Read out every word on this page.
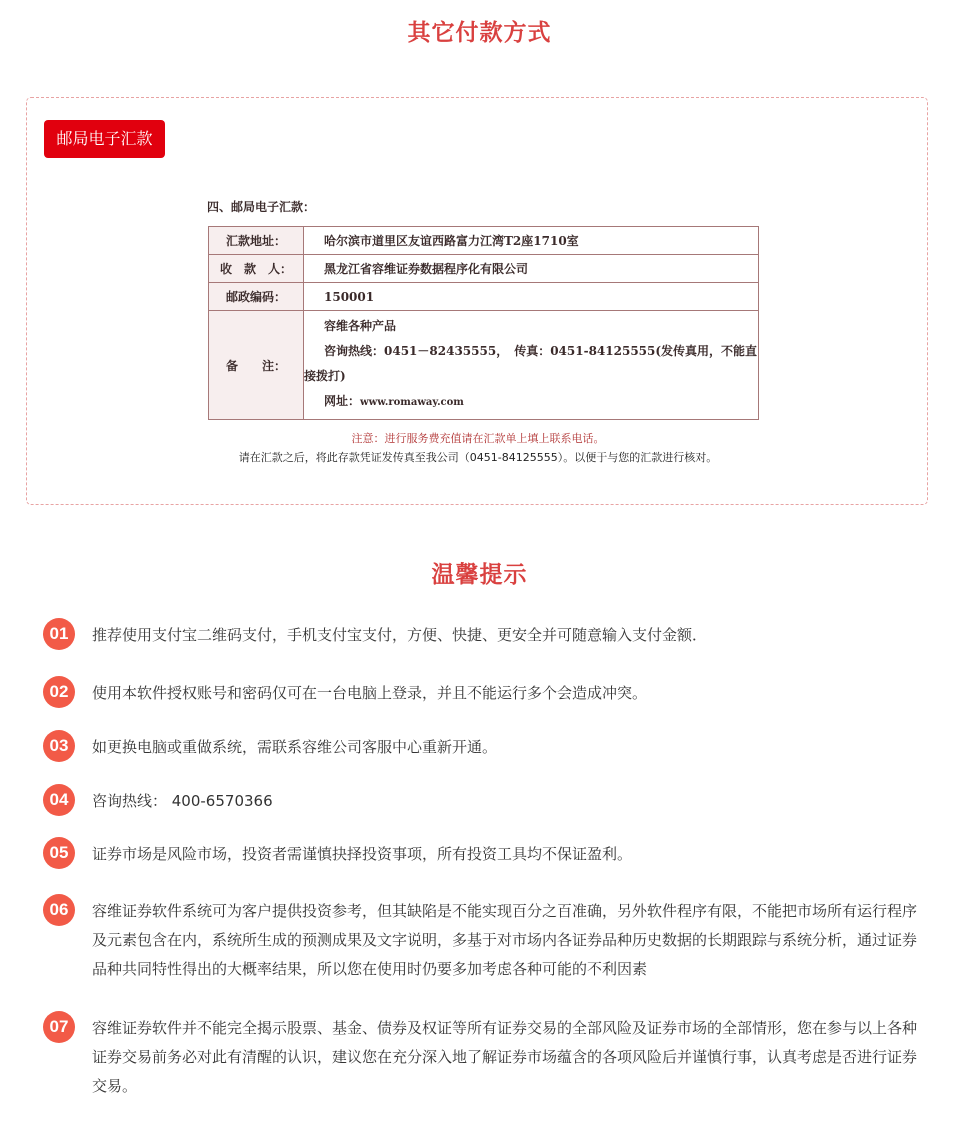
其它付款方式
邮局电子汇款
四、邮局电子汇款：
汇款地址：	哈尔滨市道里区友谊西路富力江湾T2座1710室
收　款　人：	黑龙江省容维证券数据程序化有限公司
邮政编码：	150001
备　　注：	容维各种产品
咨询热线：0451－82435555，　传真：0451-84125555(发传真用，不能直
接拨打)
网址：www.romaway.com
注意：进行服务费充值请在汇款单上填上联系电话。
请在汇款之后，将此存款凭证发传真至我公司（0451-84125555）。以便于与您的汇款进行核对。
温馨提示
01	推荐使用支付宝二维码支付，手机支付宝支付，方便、快捷、更安全并可随意输入支付金额．
02	使用本软件授权账号和密码仅可在一台电脑上登录，并且不能运行多个会造成冲突。
03	如更换电脑或重做系统，需联系容维公司客服中心重新开通。
04	咨询热线： 400-6570366
05	证券市场是风险市场，投资者需谨慎抉择投资事项，所有投资工具均不保证盈利。
06	容维证券软件系统可为客户提供投资参考，但其缺陷是不能实现百分之百准确，另外软件程序有限，不能把市场所有运行程序及元素包含在内，系统所生成的预测成果及文字说明，多基于对市场内各证券品种历史数据的长期跟踪与系统分析，通过证券品种共同特性得出的大概率结果，所以您在使用时仍要多加考虑各种可能的不利因素
07	容维证券软件并不能完全揭示股票、基金、债券及权证等所有证券交易的全部风险及证券市场的全部情形，您在参与以上各种证券交易前务必对此有清醒的认识，建议您在充分深入地了解证券市场蕴含的各项风险后并谨慎行事，认真考虑是否进行证券交易。
